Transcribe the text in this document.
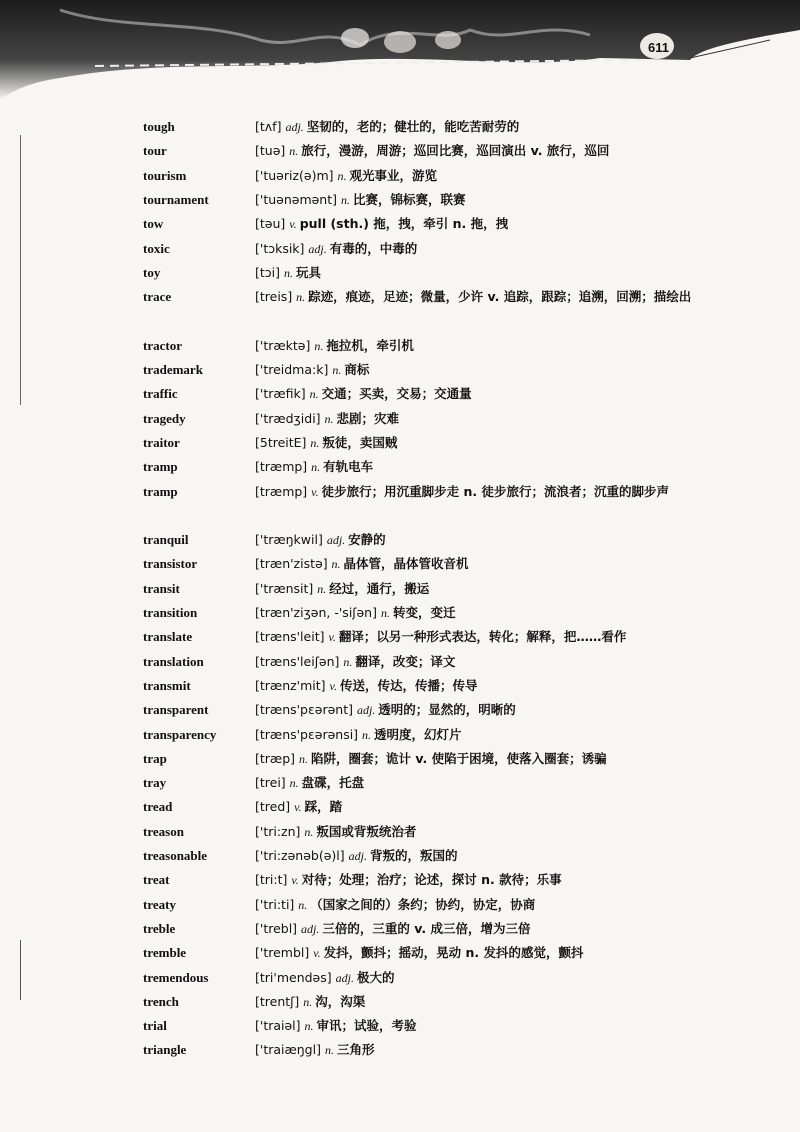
611
tough	[tʌf] adj. 坚韧的，老的；健壮的，能吃苦耐劳的
tour	[tuə] n. 旅行，漫游，周游；巡回比赛，巡回演出 v. 旅行，巡回
tourism	['tuəriz(ə)m] n. 观光事业，游览
tournament	['tuənəmənt] n. 比赛，锦标赛，联赛
tow	[təu] v. pull (sth.) 拖，拽，牵引 n. 拖，拽
toxic	['tɔksik] adj. 有毒的，中毒的
toy	[tɔi] n. 玩具
trace	[treis] n. 踪迹，痕迹，足迹；微量，少许 v. 追踪，跟踪；追溯，回溯；描绘出
tractor	['træktə] n. 拖拉机，牵引机
trademark	['treidma:k] n. 商标
traffic	['træfik] n. 交通；买卖，交易；交通量
tragedy	['trædʒidi] n. 悲剧；灾难
traitor	[5treitE] n. 叛徒，卖国贼
tramp	[træmp] n. 有轨电车
tramp	[træmp] v. 徒步旅行；用沉重脚步走 n. 徒步旅行；流浪者；沉重的脚步声
tranquil	['træŋkwil] adj. 安静的
transistor	[træn'zistə] n. 晶体管，晶体管收音机
transit	['trænsit] n. 经过，通行，搬运
transition	[træn'ziʒən, -'siʃən] n. 转变，变迁
translate	[træns'leit] v. 翻译；以另一种形式表达，转化；解释，把……看作
translation	[træns'leiʃən] n. 翻译，改变；译文
transmit	[trænz'mit] v. 传送，传达，传播；传导
transparent	[træns'pɛərənt] adj. 透明的；显然的，明晰的
transparency	[træns'pɛərənsi] n. 透明度，幻灯片
trap	[træp] n. 陷阱，圈套；诡计 v. 使陷于困境，使落入圈套；诱骗
tray	[trei] n. 盘碟，托盘
tread	[tred] v. 踩，踏
treason	['tri:zn] n. 叛国或背叛统治者
treasonable	['tri:zənəb(ə)l] adj. 背叛的，叛国的
treat	[tri:t] v. 对待；处理；治疗；论述，探讨 n. 款待；乐事
treaty	['tri:ti] n. （国家之间的）条约；协约，协定，协商
treble	['trebl] adj. 三倍的，三重的 v. 成三倍，增为三倍
tremble	['trembl] v. 发抖，颤抖；摇动，晃动 n. 发抖的感觉，颤抖
tremendous	[tri'mendəs] adj. 极大的
trench	[trentʃ] n. 沟，沟渠
trial	['traiəl] n. 审讯；试验，考验
triangle	['traiæŋgl] n. 三角形
